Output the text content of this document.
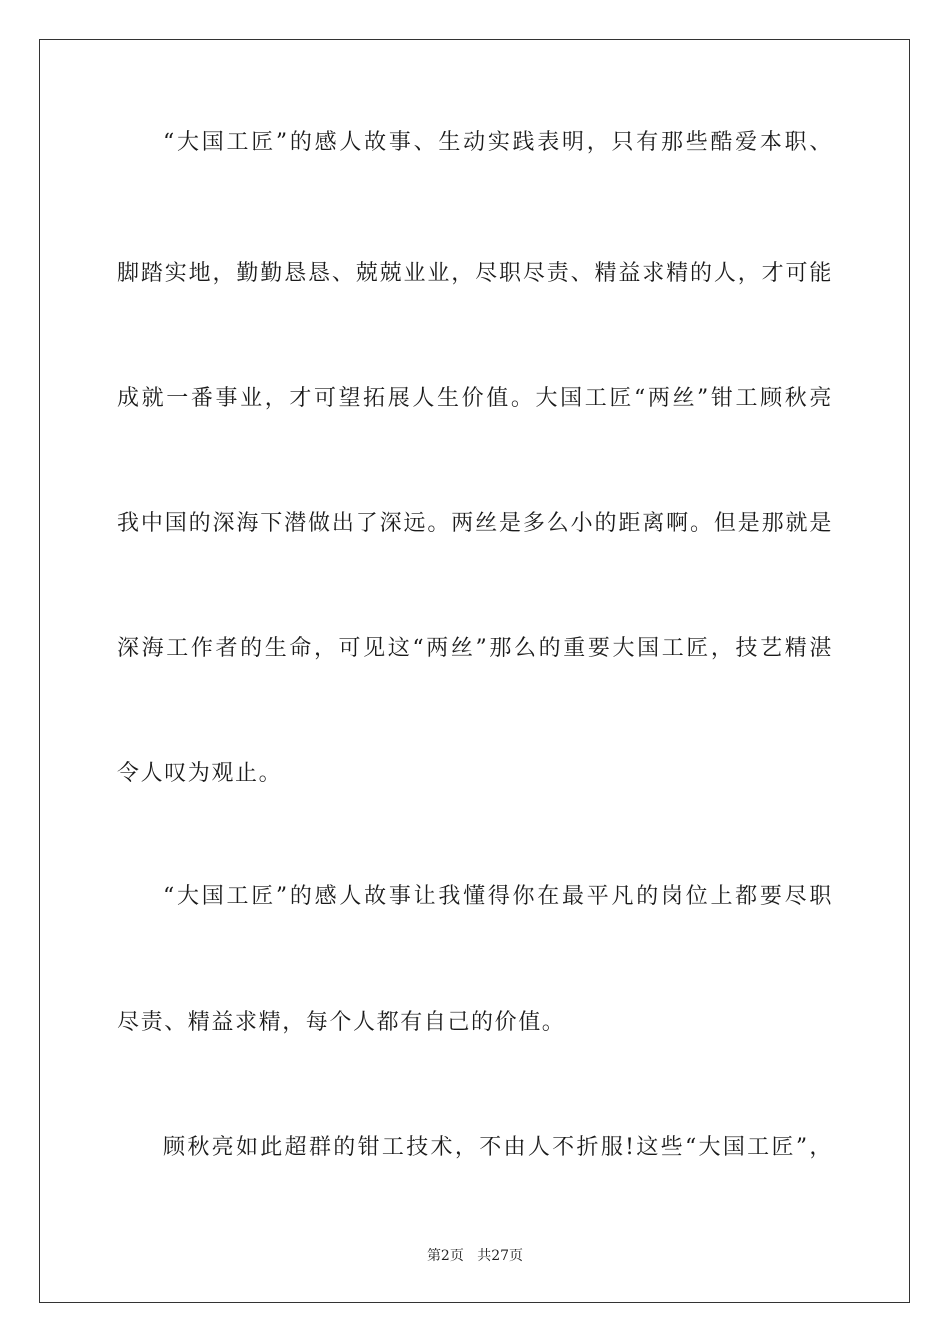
“大国工匠”的感人故事、生动实践表明，只有那些酷爱本职、
脚踏实地，勤勤恳恳、兢兢业业，尽职尽责、精益求精的人，才可能
成就一番事业，才可望拓展人生价值。大国工匠“两丝”钳工顾秋亮
我中国的深海下潜做出了深远。两丝是多么小的距离啊。但是那就是
深海工作者的生命，可见这“两丝”那么的重要大国工匠，技艺精湛
令人叹为观止。
“大国工匠”的感人故事让我懂得你在最平凡的岗位上都要尽职
尽责、精益求精，每个人都有自己的价值。
顾秋亮如此超群的钳工技术，不由人不折服!这些“大国工匠”，
第2页 共27页
